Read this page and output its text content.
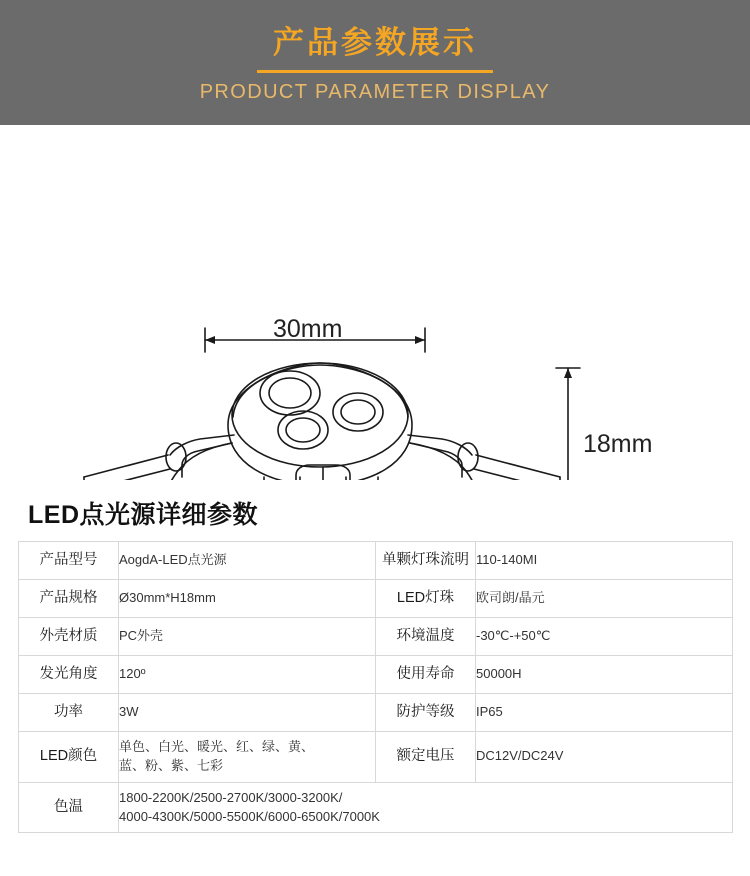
产品参数展示
PRODUCT PARAMETER DISPLAY
30mm
18mm
LED点光源详细参数
产品型号	AogdA-LED点光源	单颗灯珠流明	110-140MI

产品规格	Ø30mm*H18mm	LED灯珠	欧司朗/晶元

外壳材质	PC外壳	环境温度	-30℃-+50℃

发光角度	120º	使用寿命	50000H

功率	3W	防护等级	IP65

LED颜色	单色、白光、暖光、红、绿、黄、
蓝、粉、紫、七彩	额定电压	DC12V/DC24V

色温	1800-2200K/2500-2700K/3000-3200K/
4000-4300K/5000-5500K/6000-6500K/7000K		
